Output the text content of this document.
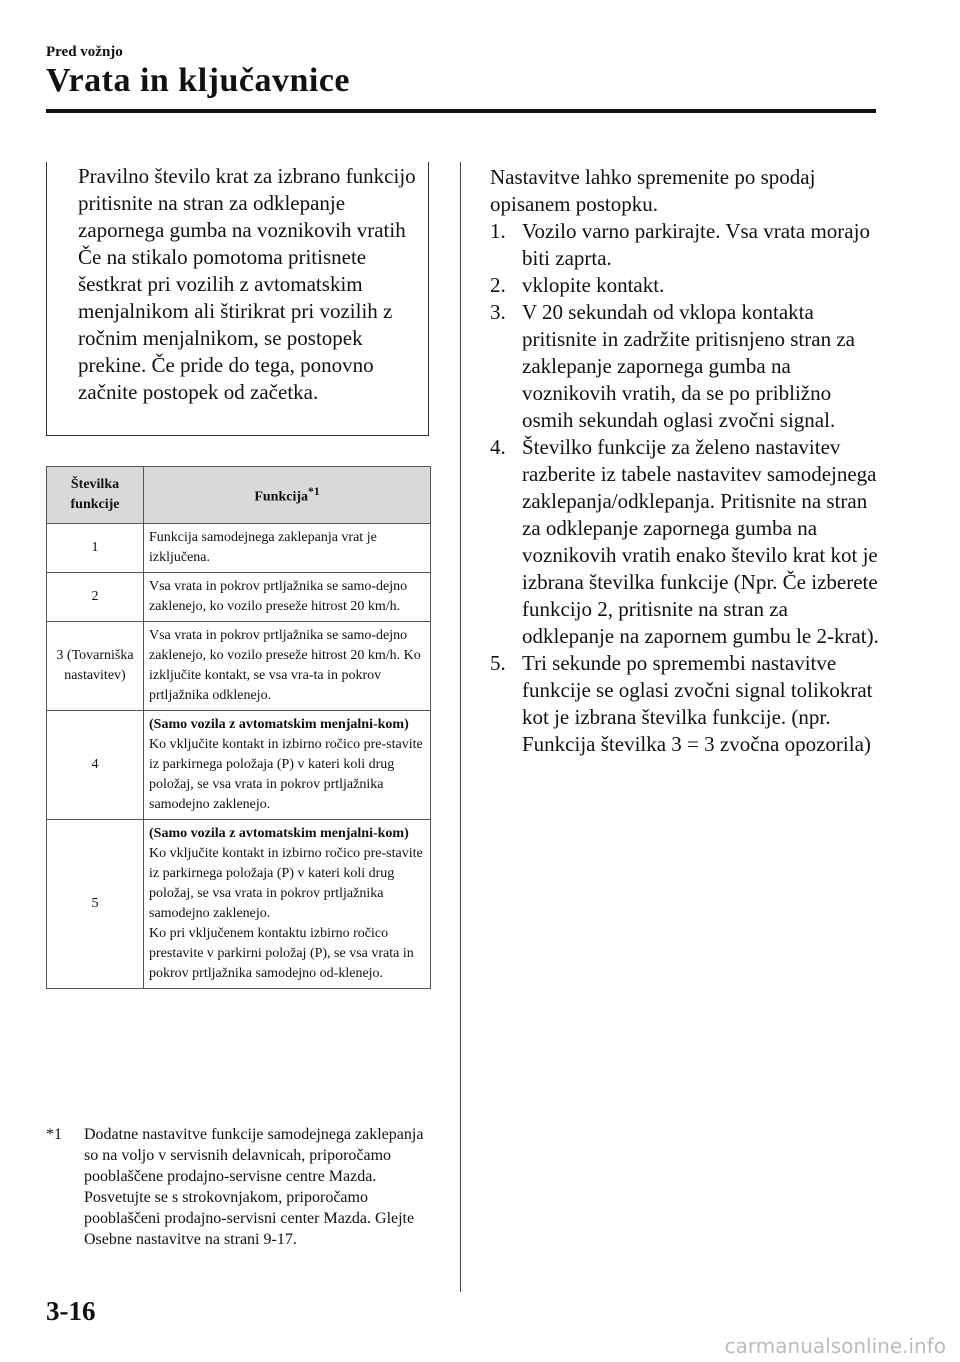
Pred vožnjo
Vrata in ključavnice
Pravilno število krat za izbrano funkcijo pritisnite na stran za odklepanje zapornega gumba na voznikovih vratih Če na stikalo pomotoma pritisnete šestkrat pri vozilih z avtomatskim menjalnikom ali štirikrat pri vozilih z ročnim menjalnikom, se postopek prekine. Če pride do tega, ponovno začnite postopek od začetka.
Številka funkcije	Funkcija$^{*1}$
1	Funkcija samodejnega zaklepanja vrat je izključena.

2	Vsa vrata in pokrov prtljažnika se samo-dejno zaklenejo, ko vozilo preseže hitrost 20 km/h.

3 (Tovarniška nastavitev)	Vsa vrata in pokrov prtljažnika se samo-dejno zaklenejo, ko vozilo preseže hitrost 20 km/h. Ko izključite kontakt, se vsa vra-ta in pokrov prtljažnika odklenejo.

4	(Samo vozila z avtomatskim menjalni-kom)
Ko vključite kontakt in izbirno ročico pre-stavite iz parkirnega položaja (P) v kateri koli drug položaj, se vsa vrata in pokrov prtljažnika samodejno zaklenejo.

5	(Samo vozila z avtomatskim menjalni-kom)
Ko vključite kontakt in izbirno ročico pre-stavite iz parkirnega položaja (P) v kateri koli drug položaj, se vsa vrata in pokrov prtljažnika samodejno zaklenejo.
Ko pri vključenem kontaktu izbirno ročico prestavite v parkirni položaj (P), se vsa vrata in pokrov prtljažnika samodejno od-klenejo.
*1 Dodatne nastavitve funkcije samodejnega zaklepanja so na voljo v servisnih delavnicah, priporočamo pooblaščene prodajno-servisne centre Mazda. Posvetujte se s strokovnjakom, priporočamo pooblaščeni prodajno-servisni center Mazda. Glejte Osebne nastavitve na strani 9-17.
Nastavitve lahko spremenite po spodaj opisanem postopku.
1. Vozilo varno parkirajte. Vsa vrata morajo biti zaprta.
2. vklopite kontakt.
3. V 20 sekundah od vklopa kontakta pritisnite in zadržite pritisnjeno stran za zaklepanje zapornega gumba na voznikovih vratih, da se po približno osmih sekundah oglasi zvočni signal.
4. Številko funkcije za želeno nastavitev razberite iz tabele nastavitev samodejnega zaklepanja/odklepanja. Pritisnite na stran za odklepanje zapornega gumba na voznikovih vratih enako število krat kot je izbrana številka funkcije (Npr. Če izberete funkcijo 2, pritisnite na stran za odklepanje na zapornem gumbu le 2-krat).
5. Tri sekunde po spremembi nastavitve funkcije se oglasi zvočni signal tolikokrat kot je izbrana številka funkcije. (npr. Funkcija številka 3 = 3 zvočna opozorila)
3-16
carmanualsonline.info
